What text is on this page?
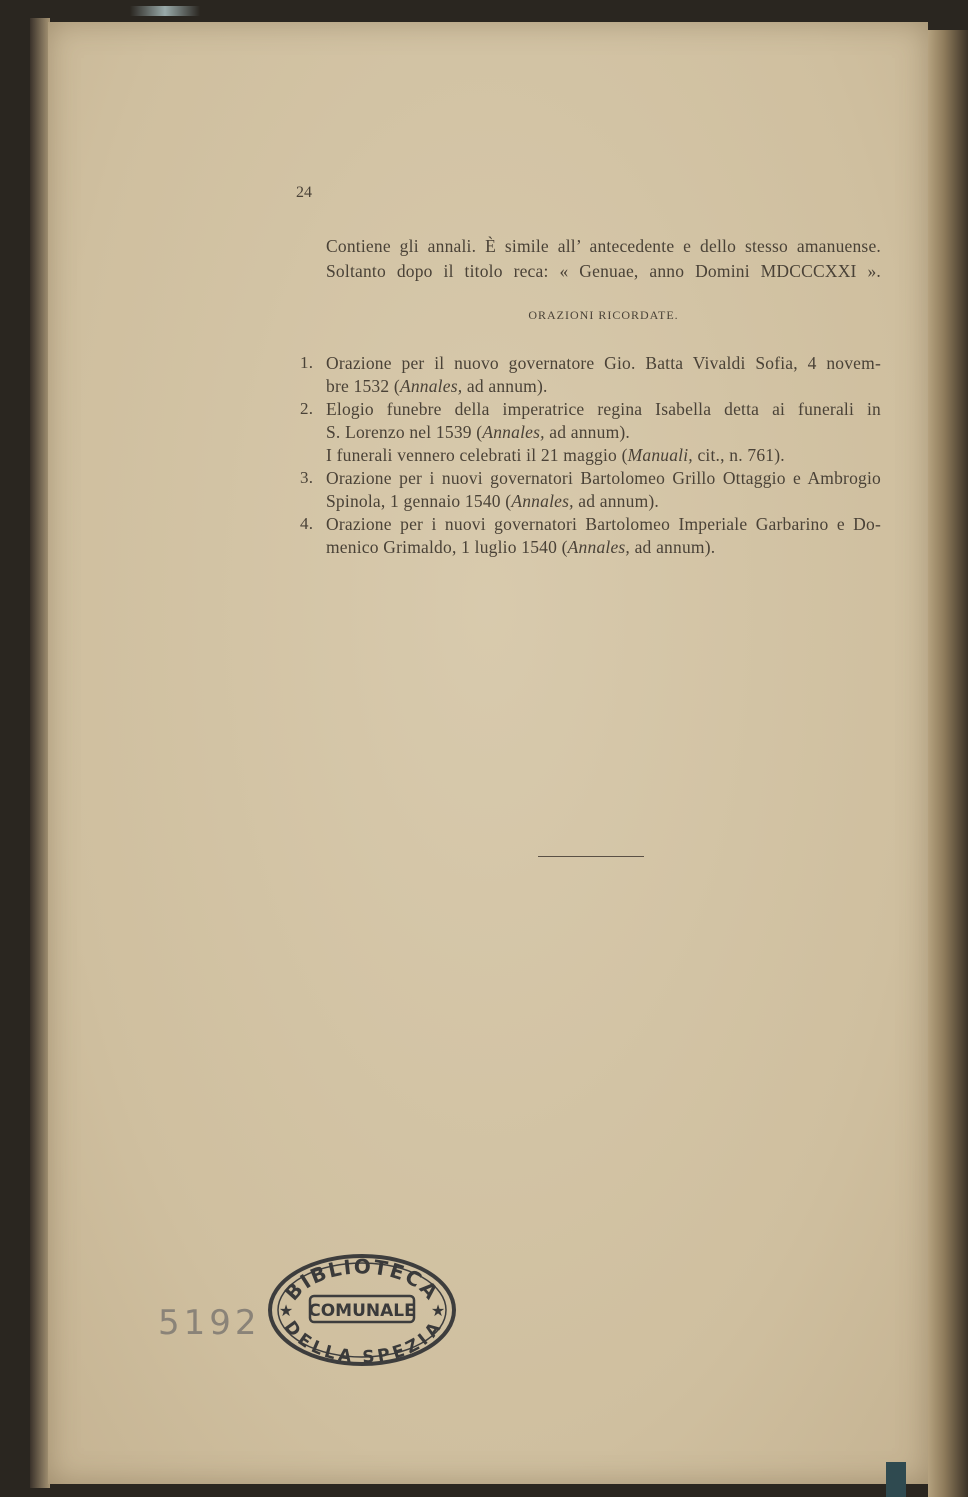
24
Contiene gli annali. È simile all’ antecedente e dello stesso amanuense.
Soltanto dopo il titolo reca: « Genuae, anno Domini MDCCCXXI ».
ORAZIONI RICORDATE.
1. Orazione per il nuovo governatore Gio. Batta Vivaldi Sofia, 4 novem-
bre 1532 (Annales, ad annum).
2. Elogio funebre della imperatrice regina Isabella detta ai funerali in
S. Lorenzo nel 1539 (Annales, ad annum).
I funerali vennero celebrati il 21 maggio (Manuali, cit., n. 761).
3. Orazione per i nuovi governatori Bartolomeo Grillo Ottaggio e Ambrogio
Spinola, 1 gennaio 1540 (Annales, ad annum).
4. Orazione per i nuovi governatori Bartolomeo Imperiale Garbarino e Do-
menico Grimaldo, 1 luglio 1540 (Annales, ad annum).
5192
BIBLIOTECA
COMUNALE
DELLA SPEZIA
★	★
